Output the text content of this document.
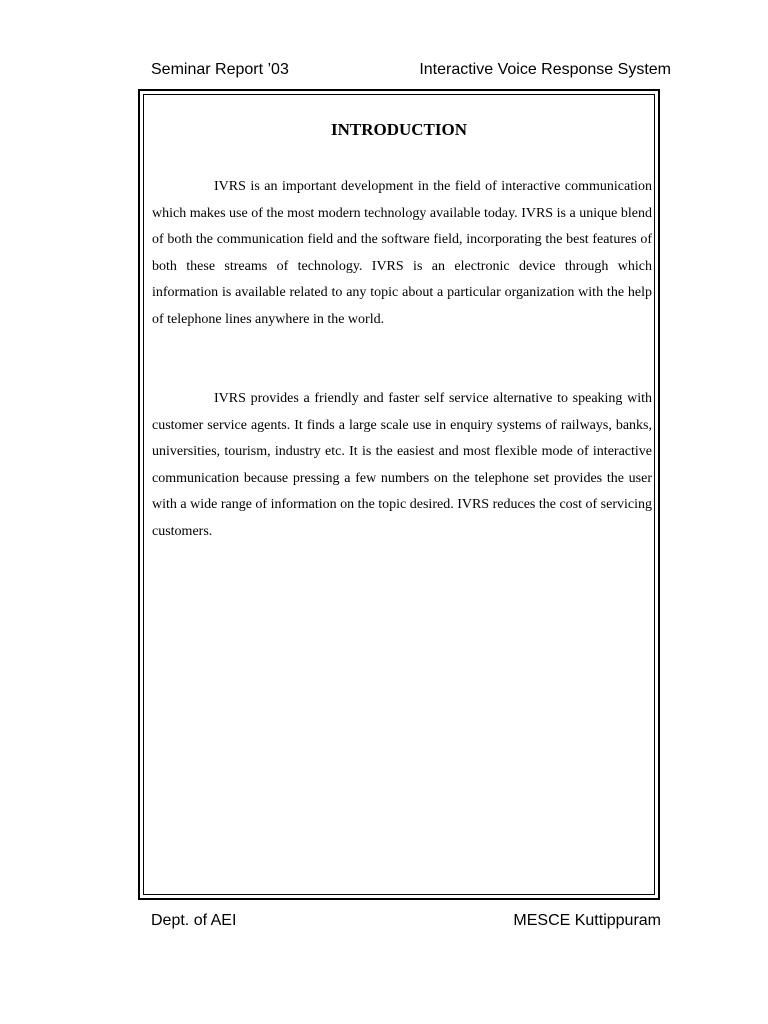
Seminar Report ’03	Interactive Voice Response System
INTRODUCTION

IVRS is an important development in the field of interactive communication which makes use of the most modern technology available today. IVRS is a unique blend of both the communication field and the software field, incorporating the best features of both these streams of technology. IVRS is an electronic device through which information is available related to any topic about a particular organization with the help of telephone lines anywhere in the world.

IVRS provides a friendly and faster self service alternative to speaking with customer service agents. It finds a large scale use in enquiry systems of railways, banks, universities, tourism, industry etc. It is the easiest and most flexible mode of interactive communication because pressing a few numbers on the telephone set provides the user with a wide range of information on the topic desired. IVRS reduces the cost of servicing customers.

Dept. of AEI	MESCE Kuttippuram
